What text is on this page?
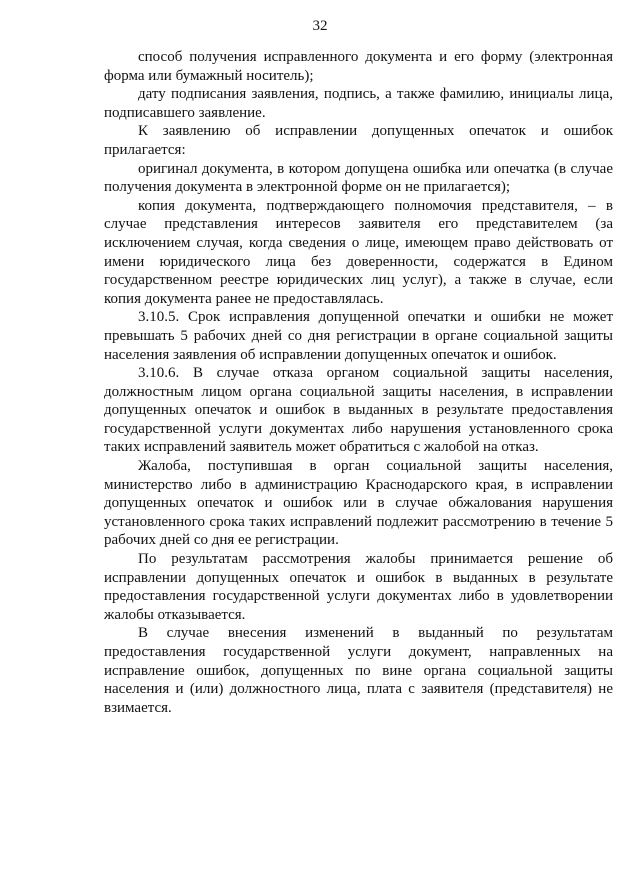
32

способ получения исправленного документа и его форму (электронная форма или бумажный носитель);

дату подписания заявления, подпись, а также фамилию, инициалы лица, подписавшего заявление.

К заявлению об исправлении допущенных опечаток и ошибок прилагается:

оригинал документа, в котором допущена ошибка или опечатка (в случае получения документа в электронной форме он не прилагается);

копия документа, подтверждающего полномочия представителя, – в случае представления интересов заявителя его представителем (за исключением случая, когда сведения о лице, имеющем право действовать от имени юридического лица без доверенности, содержатся в Едином государственном реестре юридических лиц услуг), а также в случае, если копия документа ранее не предоставлялась.

3.10.5. Срок исправления допущенной опечатки и ошибки не может превышать 5 рабочих дней со дня регистрации в органе социальной защиты населения заявления об исправлении допущенных опечаток и ошибок.

3.10.6. В случае отказа органом социальной защиты населения, должностным лицом органа социальной защиты населения, в исправлении допущенных опечаток и ошибок в выданных в результате предоставления государственной услуги документах либо нарушения установленного срока таких исправлений заявитель может обратиться с жалобой на отказ.

Жалоба, поступившая в орган социальной защиты населения, министерство либо в администрацию Краснодарского края, в исправлении допущенных опечаток и ошибок или в случае обжалования нарушения установленного срока таких исправлений подлежит рассмотрению в течение 5 рабочих дней со дня ее регистрации.

По результатам рассмотрения жалобы принимается решение об исправлении допущенных опечаток и ошибок в выданных в результате предоставления государственной услуги документах либо в удовлетворении жалобы отказывается.

В случае внесения изменений в выданный по результатам предоставления государственной услуги документ, направленных на исправление ошибок, допущенных по вине органа социальной защиты населения и (или) должностного лица, плата с заявителя (представителя) не взимается.
